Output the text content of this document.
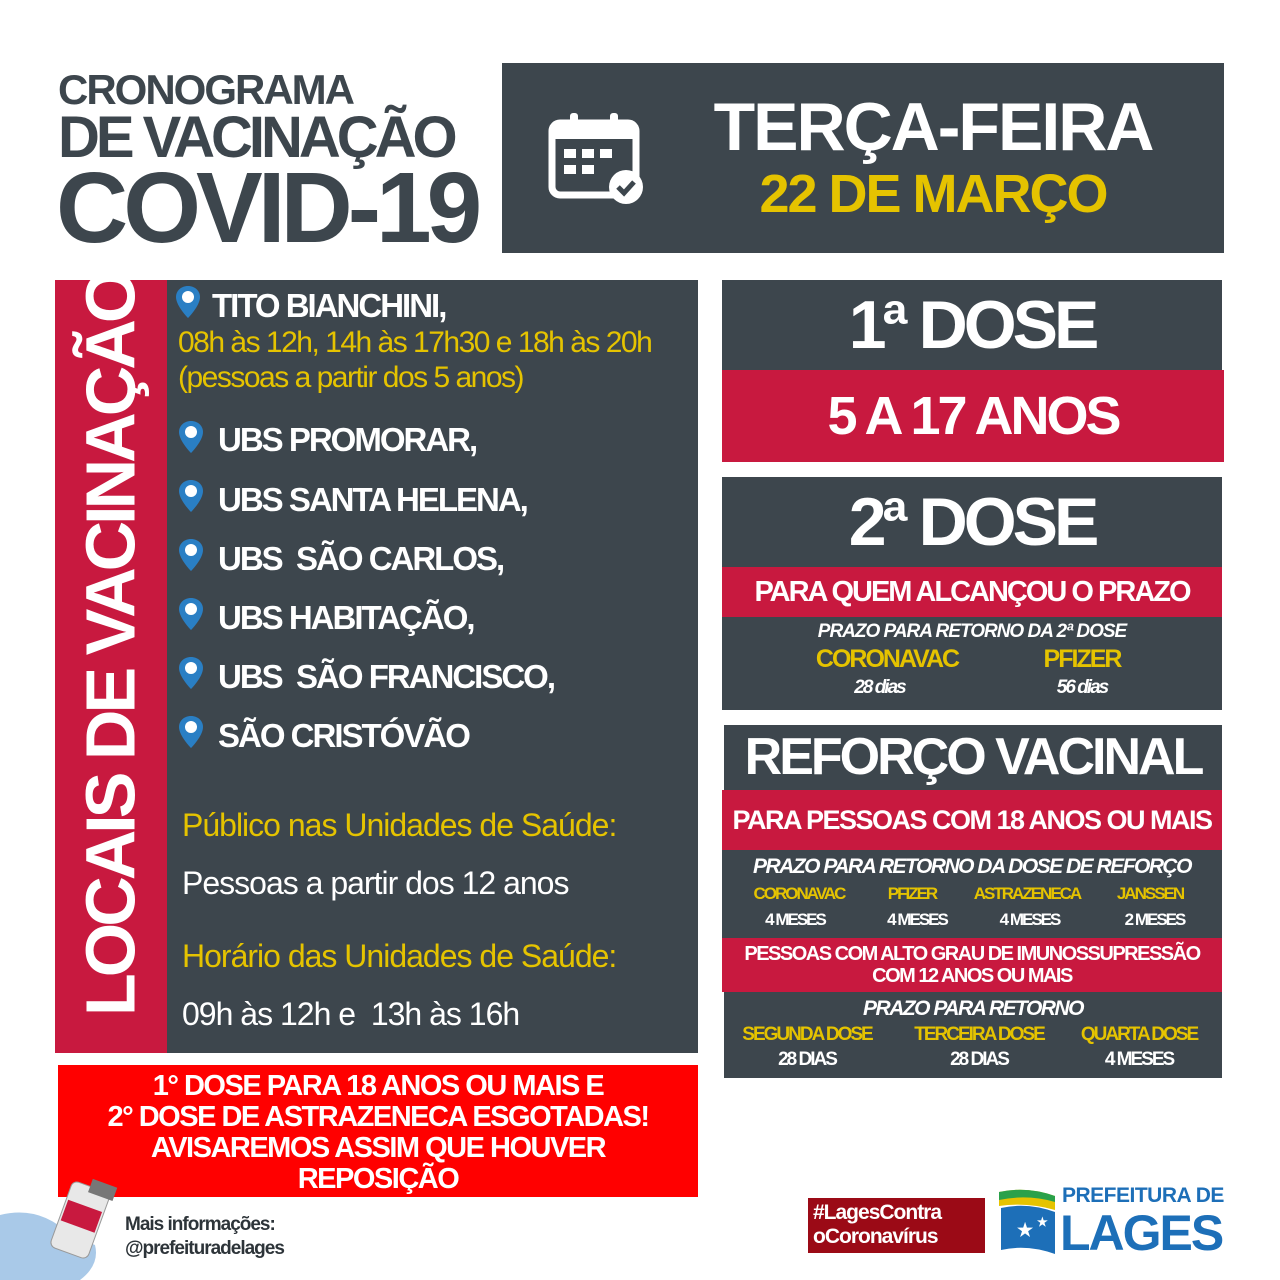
CRONOGRAMA
DE VACINAÇÃO
COVID-19
TERÇA-FEIRA
22 DE MARÇO
LOCAIS DE VACINAÇÃO TITO BIANCHINI,
08h às 12h, 14h às 17h30 e 18h às 20h
(pessoas a partir dos 5 anos)
UBS PROMORAR,
UBS SANTA HELENA,
UBS  SÃO CARLOS,
UBS HABITAÇÃO,
UBS  SÃO FRANCISCO,
SÃO CRISTÓVÃO
Público nas Unidades de Saúde:
Pessoas a partir dos 12 anos
Horário das Unidades de Saúde:
09h às 12h e  13h às 16h
1ª DOSE
5 A 17 ANOS
2ª DOSE
PARA QUEM ALCANÇOU O PRAZO
PRAZO PARA RETORNO DA 2ª DOSE
CORONAVAC
28 dias
PFIZER
56 dias
REFORÇO VACINAL
PARA PESSOAS COM 18 ANOS OU MAIS
PRAZO PARA RETORNO DA DOSE DE REFORÇO
CORONAVAC
4 MESES
PFIZER
4 MESES
ASTRAZENECA
4 MESES
JANSSEN
2 MESES
PESSOAS COM ALTO GRAU DE IMUNOSSUPRESSÃO
COM 12 ANOS OU MAIS
PRAZO PARA RETORNO
SEGUNDA DOSE
28 DIAS
TERCEIRA DOSE
28 DIAS
QUARTA DOSE
4 MESES
1° DOSE PARA 18 ANOS OU MAIS E
2° DOSE DE ASTRAZENECA ESGOTADAS!
AVISAREMOS ASSIM QUE HOUVER
REPOSIÇÃO
Mais informações:
@prefeituradelages
#LagesContra
oCoronavírus	★ ★
PREFEITURA DE
LAGES
